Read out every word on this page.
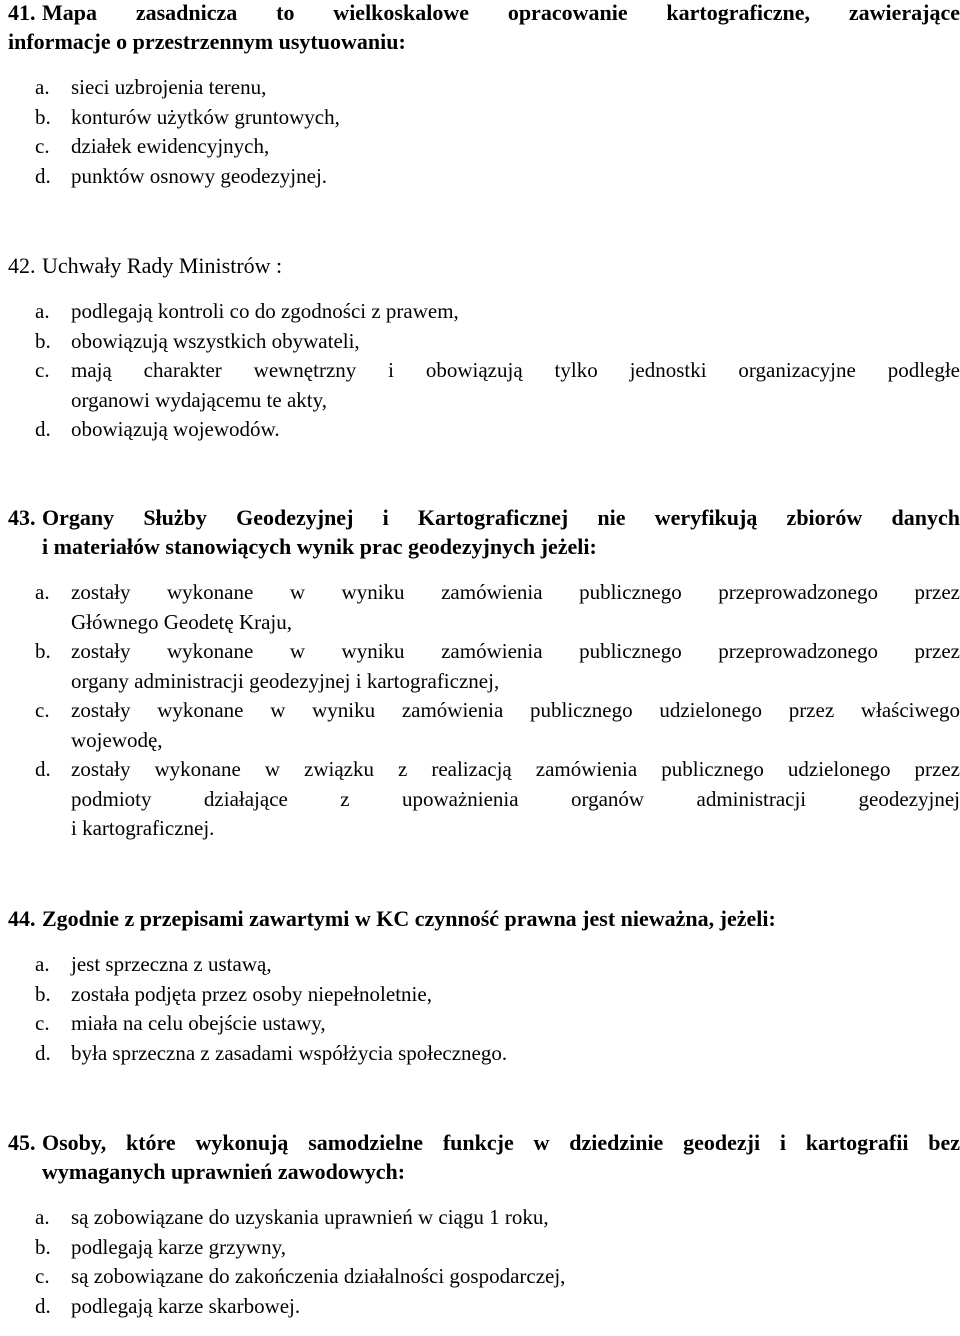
41. Mapa zasadnicza to wielkoskalowe opracowanie kartograficzne, zawierające
informacje o przestrzennym usytuowaniu:
a. sieci uzbrojenia terenu,
b. konturów użytków gruntowych,
c. działek ewidencyjnych,
d. punktów osnowy geodezyjnej.
42. Uchwały Rady Ministrów :
a. podlegają kontroli co do zgodności z prawem,
b. obowiązują wszystkich obywateli,
c. mają charakter wewnętrzny i obowiązują tylko jednostki organizacyjne podległe
organowi wydającemu te akty,
d. obowiązują wojewodów.
43. Organy Służby Geodezyjnej i Kartograficznej nie weryfikują zbiorów danych
i materiałów stanowiących wynik prac geodezyjnych jeżeli:
a. zostały wykonane w wyniku zamówienia publicznego przeprowadzonego przez
Głównego Geodetę Kraju,
b. zostały wykonane w wyniku zamówienia publicznego przeprowadzonego przez
organy administracji geodezyjnej i kartograficznej,
c. zostały wykonane w wyniku zamówienia publicznego udzielonego przez właściwego
wojewodę,
d. zostały wykonane w związku z realizacją zamówienia publicznego udzielonego przez
podmioty działające z upoważnienia organów administracji geodezyjnej
i kartograficznej.
44. Zgodnie z przepisami zawartymi w KC czynność prawna jest nieważna, jeżeli:
a. jest sprzeczna z ustawą,
b. została podjęta przez osoby niepełnoletnie,
c. miała na celu obejście ustawy,
d. była sprzeczna z zasadami współżycia społecznego.
45. Osoby, które wykonują samodzielne funkcje w dziedzinie geodezji i kartografii bez
wymaganych uprawnień zawodowych:
a. są zobowiązane do uzyskania uprawnień w ciągu 1 roku,
b. podlegają karze grzywny,
c. są zobowiązane do zakończenia działalności gospodarczej,
d. podlegają karze skarbowej.
